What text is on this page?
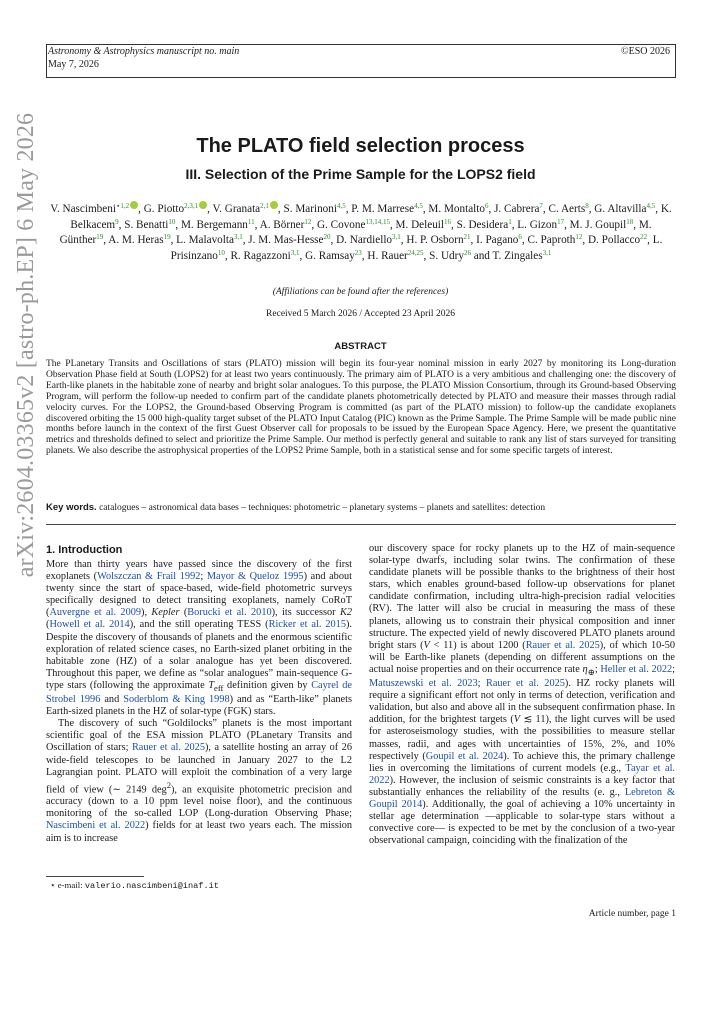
Astronomy & Astrophysics manuscript no. main
May 7, 2026
©ESO 2026
arXiv:2604.03365v2 [astro-ph.EP] 6 May 2026	The PLATO field selection process
III. Selection of the Prime Sample for the LOPS2 field
V. Nascimbeni$^{⋆1,2}$ , G. Piotto$^{2,3,1}$ , V. Granata$^{2,1}$ , S. Marinoni$^{4,5}$, P. M. Marrese$^{4,5}$, M. Montalto$^6$, J. Cabrera$^7$, C. Aerts$^8$, G. Altavilla$^{4,5}$, K. Belkacem$^9$, S. Benatti$^{10}$, M. Bergemann$^{11}$, A. Börner$^{12}$, G. Covone$^{13,14,15}$, M. Deleuil$^{16}$, S. Desidera$^1$, L. Gizon$^{17}$, M. J. Goupil$^{18}$, M. Günther$^{19}$, A. M. Heras$^{19}$, L. Malavolta$^{3,1}$, J. M. Mas-Hesse$^{20}$, D. Nardiello$^{3,1}$, H. P. Osborn$^{21}$, I. Pagano$^6$, C. Paproth$^{12}$, D. Pollacco$^{22}$, L. Prisinzano$^{10}$, R. Ragazzoni$^{3,1}$, G. Ramsay$^{23}$, H. Rauer$^{24,25}$, S. Udry$^{26}$ and T. Zingales$^{3,1}$
(Affiliations can be found after the references)
Received 5 March 2026 / Accepted 23 April 2026
ABSTRACT
The PLanetary Transits and Oscillations of stars (PLATO) mission will begin its four-year nominal mission in early 2027 by monitoring its Long-duration Observation Phase field at South (LOPS2) for at least two years continuously. The primary aim of PLATO is a very ambitious and challenging one: the discovery of Earth-like planets in the habitable zone of nearby and bright solar analogues. To this purpose, the PLATO Mission Consortium, through its Ground-based Observing Program, will perform the follow-up needed to confirm part of the candidate planets photometrically detected by PLATO and measure their masses through radial velocity curves. For the LOPS2, the Ground-based Observing Program is committed (as part of the PLATO mission) to follow-up the candidate exoplanets discovered orbiting the 15 000 high-quality target subset of the PLATO Input Catalog (PIC) known as the Prime Sample. The Prime Sample will be made public nine months before launch in the context of the first Guest Observer call for proposals to be issued by the European Space Agency. Here, we present the quantitative metrics and thresholds defined to select and prioritize the Prime Sample. Our method is perfectly general and suitable to rank any list of stars surveyed for transiting planets. We also describe the astrophysical properties of the LOPS2 Prime Sample, both in a statistical sense and for some specific targets of interest.
Key words. catalogues – astronomical data bases – techniques: photometric – planetary systems – planets and satellites: detection
1. Introduction

More than thirty years have passed since the discovery of the first exoplanets (Wolszczan & Frail 1992; Mayor & Queloz 1995) and about twenty since the start of space-based, wide-field photometric surveys specifically designed to detect transiting exoplanets, namely CoRoT (Auvergne et al. 2009), Kepler (Borucki et al. 2010), its successor K2 (Howell et al. 2014), and the still operating TESS (Ricker et al. 2015). Despite the discovery of thousands of planets and the enormous scientific exploration of related science cases, no Earth-sized planet orbiting in the habitable zone (HZ) of a solar analogue has yet been discovered. Throughout this paper, we define as “solar analogues” main-sequence G-type stars (following the approximate $T_{eff}$ definition given by Cayrel de Strobel 1996 and Soderblom & King 1998) and as “Earth-like” planets Earth-sized planets in the HZ of solar-type (FGK) stars.

The discovery of such “Goldilocks” planets is the most important scientific goal of the ESA mission PLATO (PLanetary Transits and Oscillation of stars; Rauer et al. 2025), a satellite hosting an array of 26 wide-field telescopes to be launched in January 2027 to the L2 Lagrangian point. PLATO will exploit the combination of a very large field of view (∼ 2149 deg$^2$), an exquisite photometric precision and accuracy (down to a 10 ppm level noise floor), and the continuous monitoring of the so-called LOP (Long-duration Observing Phase; Nascimbeni et al. 2022) fields for at least two years each. The mission aim is to increase

our discovery space for rocky planets up to the HZ of main-sequence solar-type dwarfs, including solar twins. The confirmation of these candidate planets will be possible thanks to the brightness of their host stars, which enables ground-based follow-up observations for planet candidate confirmation, including ultra-high-precision radial velocities (RV). The latter will also be crucial in measuring the mass of these planets, allowing us to constrain their physical composition and inner structure. The expected yield of newly discovered PLATO planets around bright stars (V < 11) is about 1200 (Rauer et al. 2025), of which 10-50 will be Earth-like planets (depending on different assumptions on the actual noise properties and on their occurrence rate $\eta_\oplus$; Heller et al. 2022; Matuszewski et al. 2023; Rauer et al. 2025). HZ rocky planets will require a significant effort not only in terms of detection, verification and validation, but also and above all in the subsequent confirmation phase. In addition, for the brightest targets (V ≲ 11), the light curves will be used for asteroseismology studies, with the possibilities to measure stellar masses, radii, and ages with uncertainties of 15%, 2%, and 10% respectively (Goupil et al. 2024). To achieve this, the primary challenge lies in overcoming the limitations of current models (e.g., Tayar et al. 2022). However, the inclusion of seismic constraints is a key factor that substantially enhances the reliability of the results (e. g., Lebreton & Goupil 2014). Additionally, the goal of achieving a 10% uncertainty in stellar age determination —applicable to solar-type stars without a convective core— is expected to be met by the conclusion of a two-year observational campaign, coinciding with the finalization of the

⋆ e-mail: valerio.nascimbeni@inaf.it
Article number, page 1
